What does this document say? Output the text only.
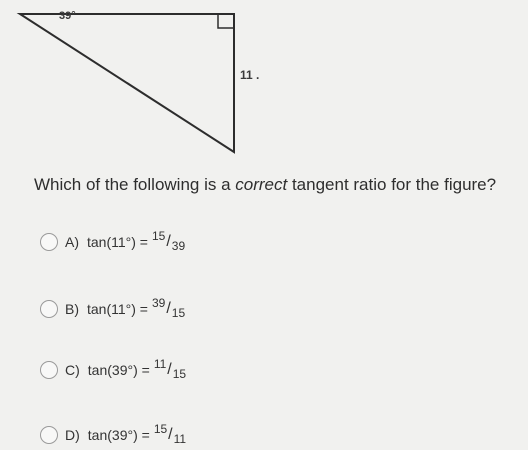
39°
11 .
Which of the following is a correct tangent ratio for the figure?
A) tan(11°) = 15 / 39
B) tan(11°) = 39 / 15
C) tan(39°) = 11 / 15
D) tan(39°) = 15 / 11
